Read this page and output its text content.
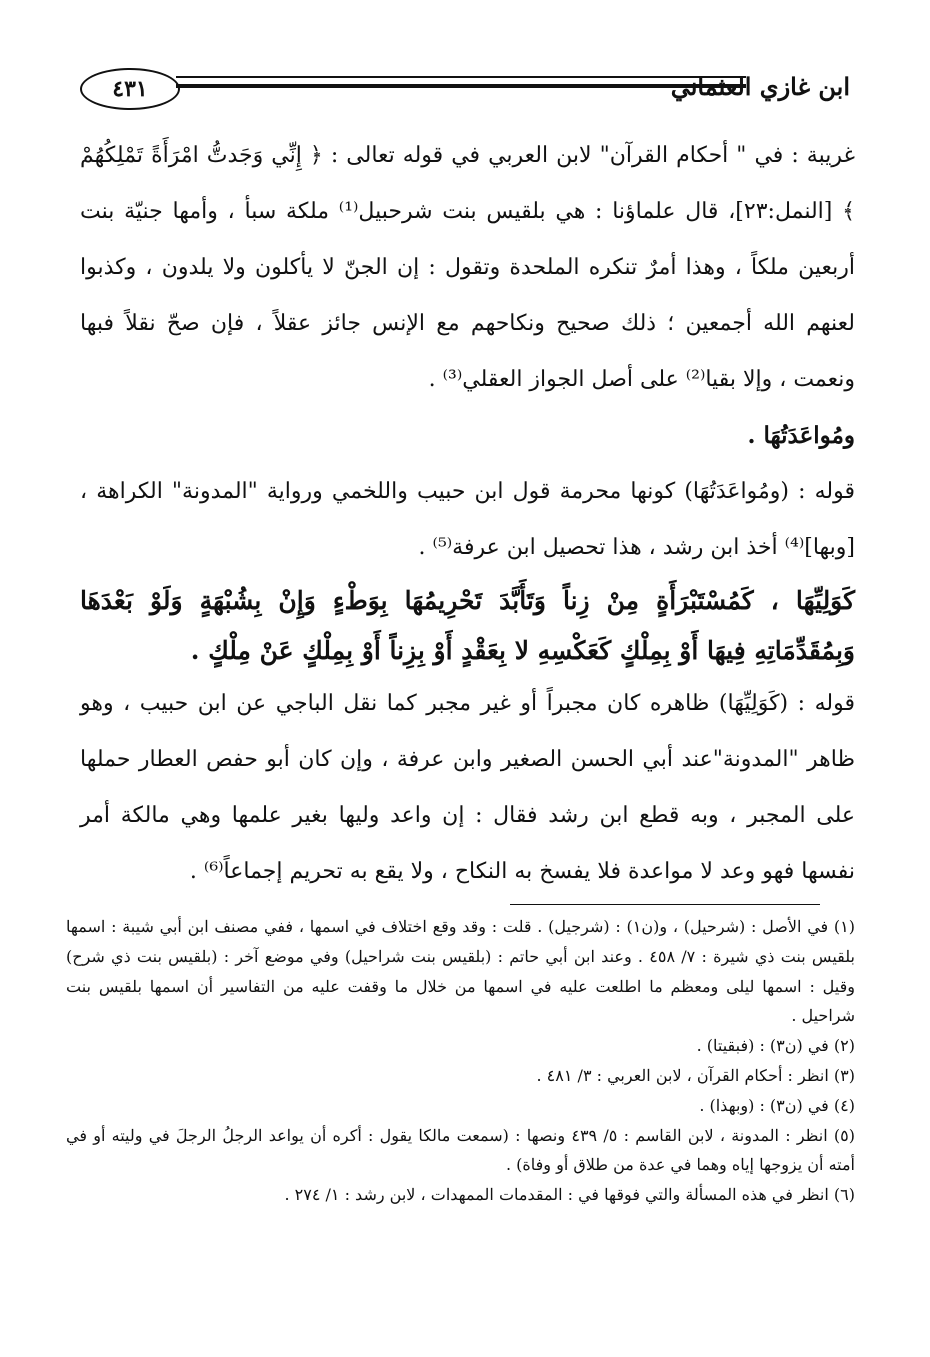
٤٣١	ابن غازي العثماني

غريبة : في " أحكام القرآن" لابن العربي في قوله تعالى : ﴿ إِنِّي وَجَدتُّ امْرَأَةً تَمْلِكُهُمْ ﴾ [النمل:٢٣]، قال علماؤنا : هي بلقيس بنت شرحبيل⁽¹⁾ ملكة سبأ ، وأمها جنيّة بنت أربعين ملكاً ، وهذا أمرٌ تنكره الملحدة وتقول : إن الجنّ لا يأكلون ولا يلدون ، وكذبوا لعنهم الله أجمعين ؛ ذلك صحيح ونكاحهم مع الإنس جائز عقلاً ، فإن صحّ نقلاً فبها ونعمت ، وإلا بقيا⁽²⁾ على أصل الجواز العقلي⁽³⁾ .

ومُواعَدَتُهَا .

قوله : (ومُواعَدَتُهَا) كونها محرمة قول ابن حبيب واللخمي ورواية "المدونة" الكراهة ، [وبها]⁽⁴⁾ أخذ ابن رشد ، هذا تحصيل ابن عرفة⁽⁵⁾ .

كَوَلِيِّهَا ، كَمُسْتَبْرَأَةٍ مِنْ زِناً وَتَأَبَّدَ تَحْرِيمُهَا بِوَطْءٍ وَإِنْ بِشُبْهَةٍ وَلَوْ بَعْدَهَا وَبِمُقَدِّمَاتِهِ فِيهَا أَوْ بِمِلْكٍ كَعَكْسِهِ لا بِعَقْدٍ أَوْ بِزِناً أَوْ بِمِلْكٍ عَنْ مِلْكٍ .

قوله : (كَوَلِيِّهَا) ظاهره كان مجبراً أو غير مجبر كما نقل الباجي عن ابن حبيب ، وهو ظاهر "المدونة"عند أبي الحسن الصغير وابن عرفة ، وإن كان أبو حفص العطار حملها على المجبر ، وبه قطع ابن رشد فقال : إن واعد وليها بغير علمها وهي مالكة أمر نفسها فهو وعد لا مواعدة فلا يفسخ به النكاح ، ولا يقع به تحريم إجماعاً⁽⁶⁾ .

(١) في الأصل : (شرحيل) ، و(ن١) : (شرجيل) . قلت : وقد وقع اختلاف في اسمها ، ففي مصنف ابن أبي شيبة : اسمها بلقيس بنت ذي شيرة : ٧/ ٤٥٨ . وعند ابن أبي حاتم : (بلقيس بنت شراحيل) وفي موضع آخر : (بلقيس بنت ذي شرح) وقيل : اسمها ليلى ومعظم ما اطلعت عليه في اسمها من خلال ما وقفت عليه من التفاسير أن اسمها بلقيس بنت شراحيل .

(٢) في (ن٣) : (فبقيتا) .

(٣) انظر : أحكام القرآن ، لابن العربي : ٣/ ٤٨١ .

(٤) في (ن٣) : (وبهذا) .

(٥) انظر : المدونة ، لابن القاسم : ٥/ ٤٣٩ ونصها : (سمعت مالكا يقول : أكره أن يواعد الرجلُ الرجلَ في وليته أو في أمته أن يزوجها إياه وهما في عدة من طلاق أو وفاة) .

(٦) انظر في هذه المسألة والتي فوقها في : المقدمات الممهدات ، لابن رشد : ١/ ٢٧٤ .
